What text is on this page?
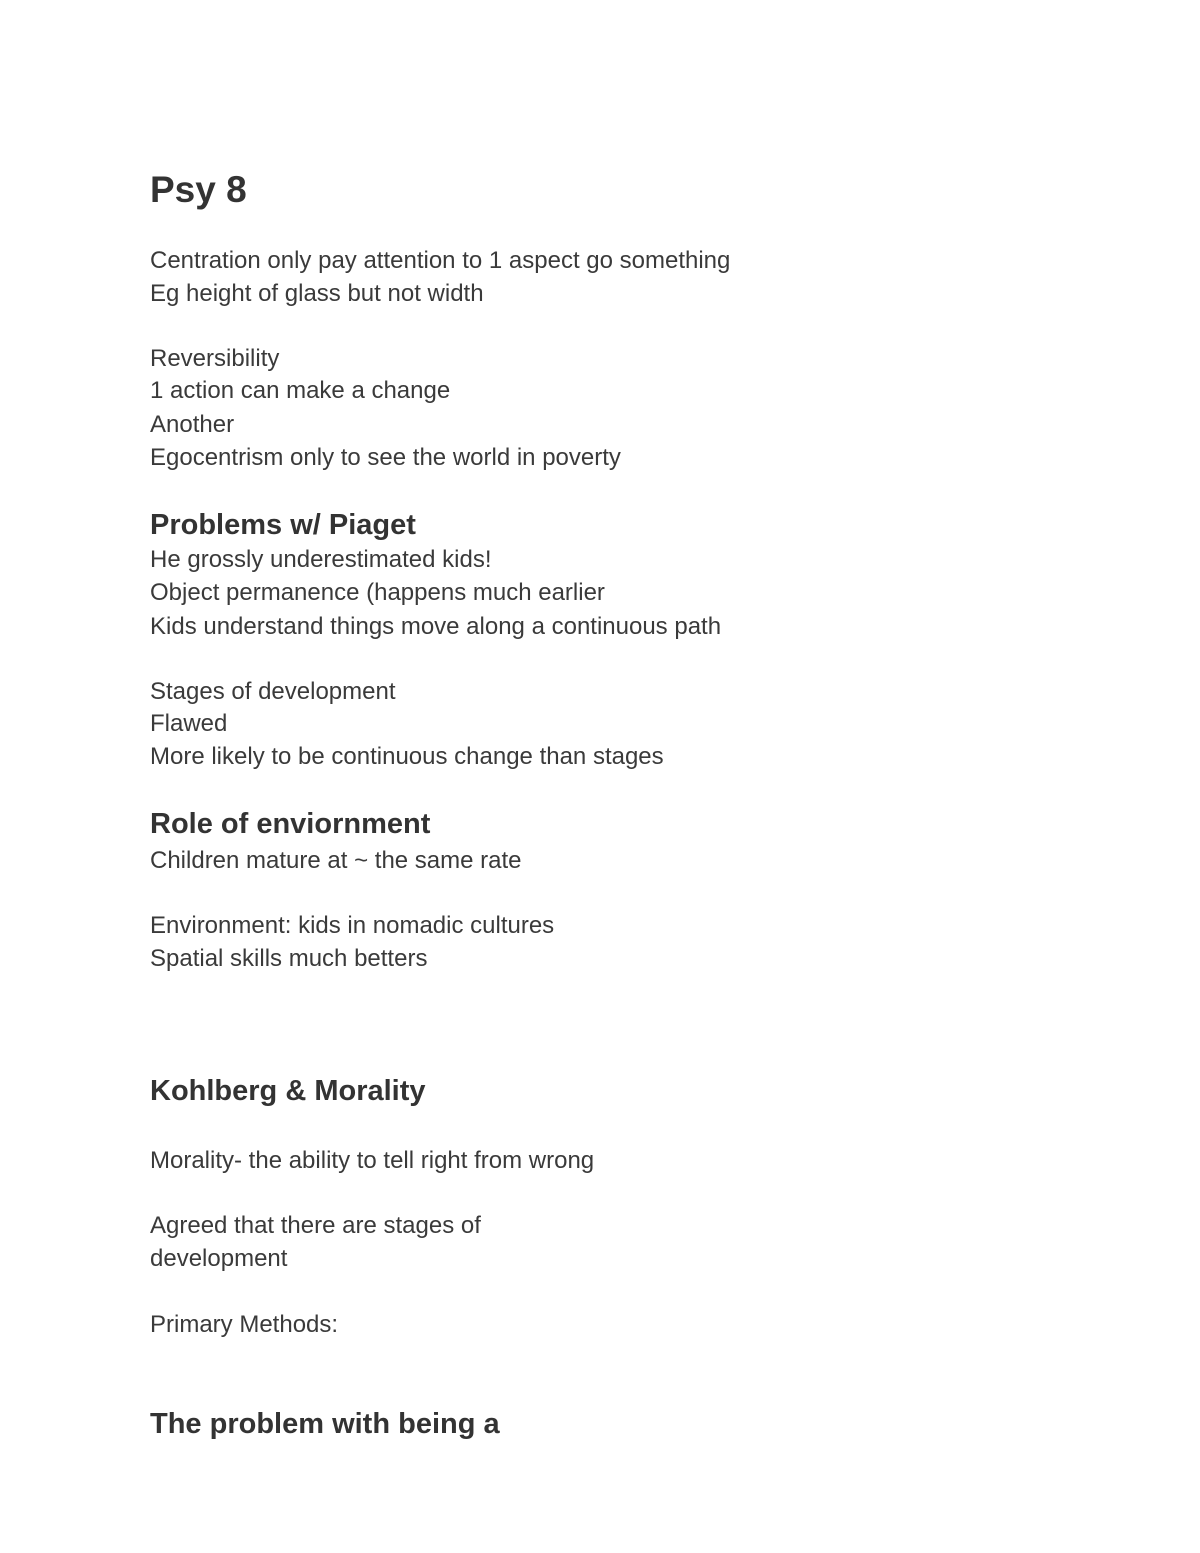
Psy 8
Centration only pay attention to 1 aspect go something
Eg height of glass but not width
Reversibility
1 action can make a change
Another
Egocentrism only to see the world in poverty
Problems w/ Piaget
He grossly underestimated kids!
Object permanence (happens much earlier
Kids understand things move along a continuous path
Stages of development
Flawed
More likely to be continuous change than stages
Role of enviornment
Children mature at ~ the same rate
Environment: kids in nomadic cultures
Spatial skills much betters
Kohlberg & Morality
Morality- the ability to tell right from wrong
Agreed that there are stages of
development
Primary Methods:
The problem with being a
